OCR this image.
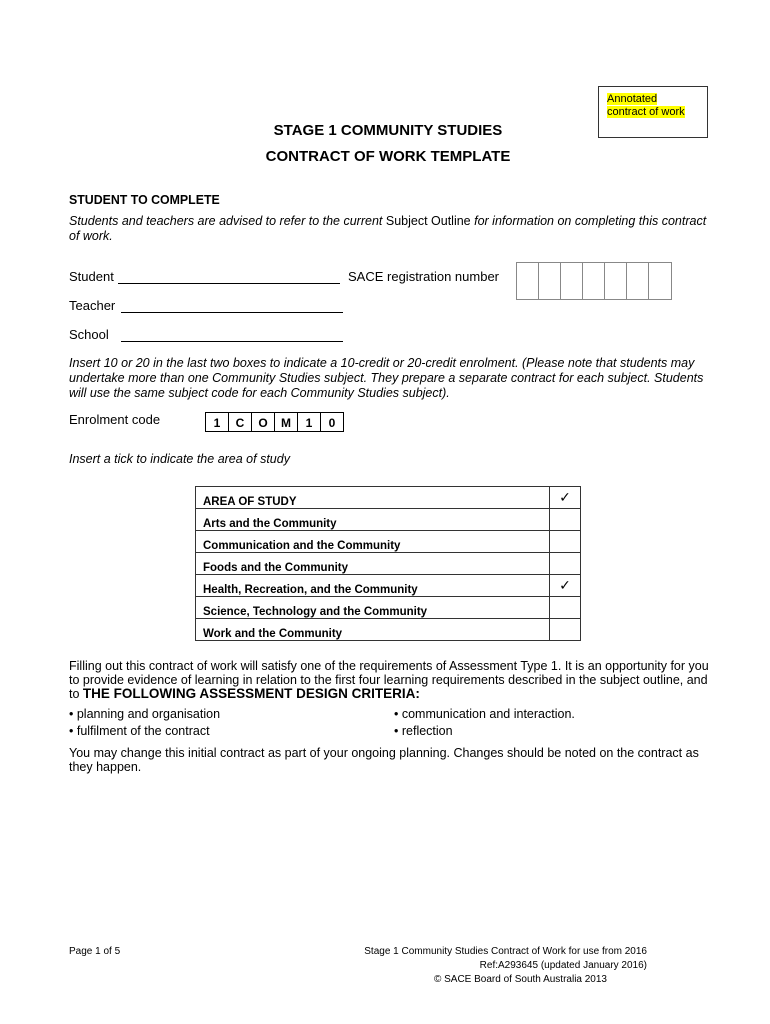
Annotated contract of work
STAGE 1 COMMUNITY STUDIES
CONTRACT OF WORK TEMPLATE
STUDENT TO COMPLETE
Students and teachers are advised to refer to the current Subject Outline for information on completing this contract of work.
Student	SACE registration number
Teacher
School
Insert 10 or 20 in the last two boxes to indicate a 10-credit or 20-credit enrolment. (Please note that students may undertake more than one Community Studies subject. They prepare a separate contract for each subject. Students will use the same subject code for each Community Studies subject).
Enrolment code	1	C	O	M	1	0
Insert a tick to indicate the area of study
AREA OF STUDY	✓
Arts and the Community	
Communication and the Community	
Foods and the Community	
Health, Recreation, and the Community	✓
Science, Technology and the Community	
Work and the Community	
Filling out this contract of work will satisfy one of the requirements of Assessment Type 1. It is an opportunity for you to provide evidence of learning in relation to the first four learning requirements described in the subject outline, and to THE FOLLOWING ASSESSMENT DESIGN CRITERIA:
• planning and organisation	• communication and interaction.
• fulfilment of the contract	• reflection
You may change this initial contract as part of your ongoing planning. Changes should be noted on the contract as they happen.
Page 1 of 5	Stage 1 Community Studies Contract of Work for use from 2016
Ref:A293645 (updated January 2016)
© SACE Board of South Australia 2013
